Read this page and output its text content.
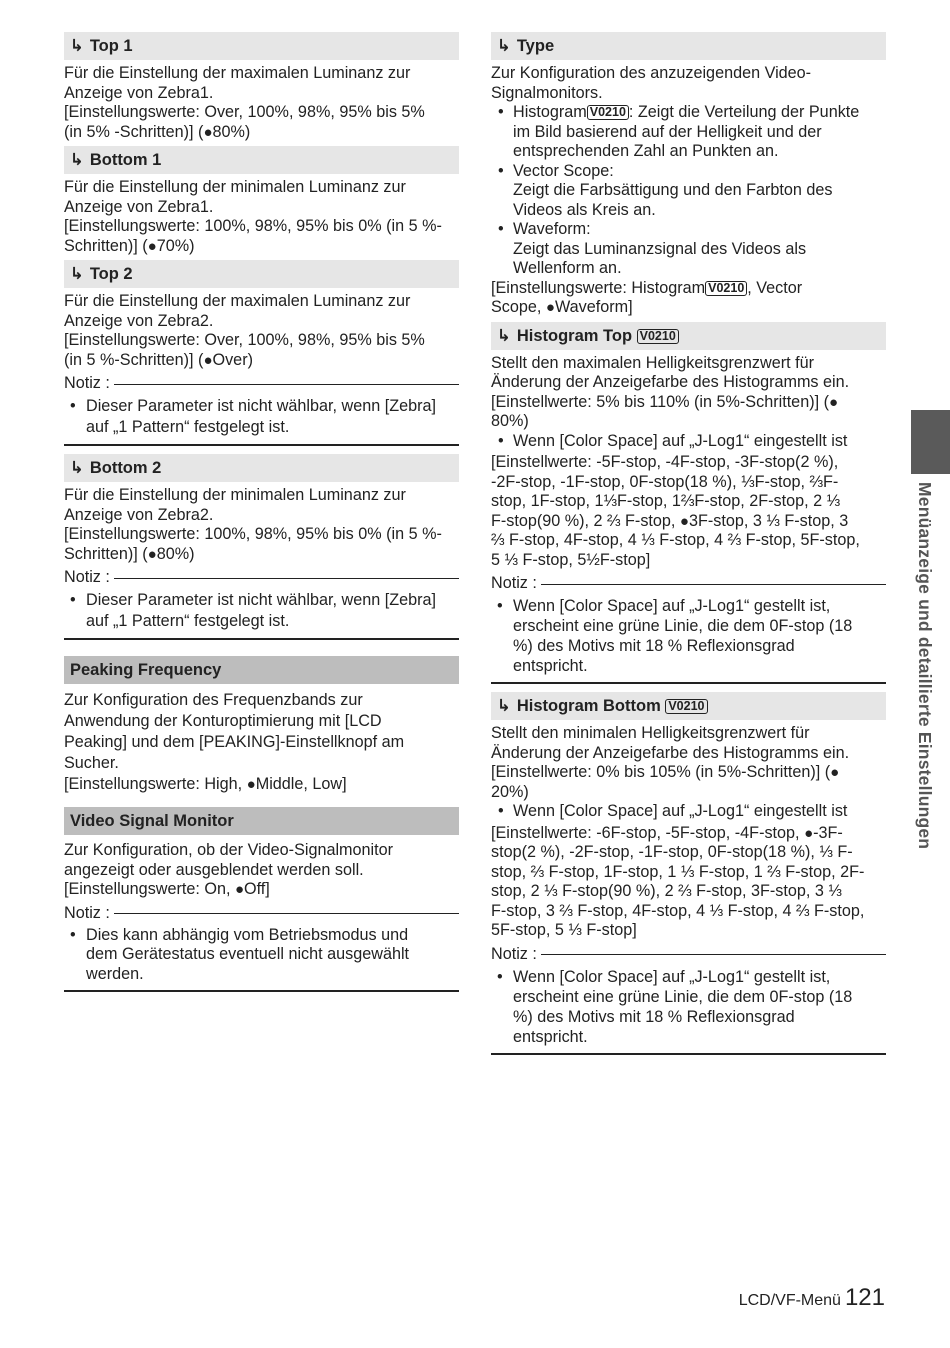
↳ Top 1
Für die Einstellung der maximalen Luminanz zur
Anzeige von Zebra1.
[Einstellungswerte: Over, 100%, 98%, 95% bis 5%
(in 5% -Schritten)] (●80%)
↳ Bottom 1
Für die Einstellung der minimalen Luminanz zur
Anzeige von Zebra1.
[Einstellungswerte: 100%, 98%, 95% bis 0% (in 5 %-
Schritten)] (●70%)
↳ Top 2
Für die Einstellung der maximalen Luminanz zur
Anzeige von Zebra2.
[Einstellungswerte: Over, 100%, 98%, 95% bis 5%
(in 5 %-Schritten)] (●Over)
Notiz :
• Dieser Parameter ist nicht wählbar, wenn [Zebra]
auf „1 Pattern“ festgelegt ist.
↳ Bottom 2
Für die Einstellung der minimalen Luminanz zur
Anzeige von Zebra2.
[Einstellungswerte: 100%, 98%, 95% bis 0% (in 5 %-
Schritten)] (●80%)
Notiz :
• Dieser Parameter ist nicht wählbar, wenn [Zebra]
auf „1 Pattern“ festgelegt ist.
Peaking Frequency
Zur Konfiguration des Frequenzbands zur
Anwendung der Konturoptimierung mit [LCD
Peaking] und dem [PEAKING]-Einstellknopf am
Sucher.
[Einstellungswerte: High, ●Middle, Low]
Video Signal Monitor
Zur Konfiguration, ob der Video-Signalmonitor
angezeigt oder ausgeblendet werden soll.
[Einstellungswerte: On, ●Off]
Notiz :
• Dies kann abhängig vom Betriebsmodus und
dem Gerätestatus eventuell nicht ausgewählt
werden.
↳ Type
Zur Konfiguration des anzuzeigenden Video-
Signalmonitors.
• Histogram V0210 : Zeigt die Verteilung der Punkte
im Bild basierend auf der Helligkeit und der
entsprechenden Zahl an Punkten an.
• Vector Scope:
Zeigt die Farbsättigung und den Farbton des
Videos als Kreis an.
• Waveform:
Zeigt das Luminanzsignal des Videos als
Wellenform an.
[Einstellungswerte: Histogram V0210 , Vector
Scope, ●Waveform]
↳ Histogram Top V0210
Stellt den maximalen Helligkeitsgrenzwert für
Änderung der Anzeigefarbe des Histogramms ein.
[Einstellwerte: 5% bis 110% (in 5%-Schritten)] (●
80%)
• Wenn [Color Space] auf „J-Log1“ eingestellt ist
[Einstellwerte: -5F-stop, -4F-stop, -3F-stop(2 %),
-2F-stop, -1F-stop, 0F-stop(18 %), ⅓F-stop, ⅔F-
stop, 1F-stop, 1⅓F-stop, 1⅔F-stop, 2F-stop, 2 ⅓
F-stop(90 %), 2 ⅔ F-stop, ●3F-stop, 3 ⅓ F-stop, 3
⅔ F-stop, 4F-stop, 4 ⅓ F-stop, 4 ⅔ F-stop, 5F-stop,
5 ⅓ F-stop, 5½F-stop]
Notiz :
• Wenn [Color Space] auf „J-Log1“ gestellt ist,
erscheint eine grüne Linie, die dem 0F-stop (18
%) des Motivs mit 18 % Reflexionsgrad
entspricht.
↳ Histogram Bottom V0210
Stellt den minimalen Helligkeitsgrenzwert für
Änderung der Anzeigefarbe des Histogramms ein.
[Einstellwerte: 0% bis 105% (in 5%-Schritten)] (●
20%)
• Wenn [Color Space] auf „J-Log1“ eingestellt ist
[Einstellwerte: -6F-stop, -5F-stop, -4F-stop, ●-3F-
stop(2 %), -2F-stop, -1F-stop, 0F-stop(18 %), ⅓ F-
stop, ⅔ F-stop, 1F-stop, 1 ⅓ F-stop, 1 ⅔ F-stop, 2F-
stop, 2 ⅓ F-stop(90 %), 2 ⅔ F-stop, 3F-stop, 3 ⅓
F-stop, 3 ⅔ F-stop, 4F-stop, 4 ⅓ F-stop, 4 ⅔ F-stop,
5F-stop, 5 ⅓ F-stop]
Notiz :
• Wenn [Color Space] auf „J-Log1“ gestellt ist,
erscheint eine grüne Linie, die dem 0F-stop (18
%) des Motivs mit 18 % Reflexionsgrad
entspricht.
Menüanzeige und detaillierte Einstellungen
LCD/VF-Menü 121
